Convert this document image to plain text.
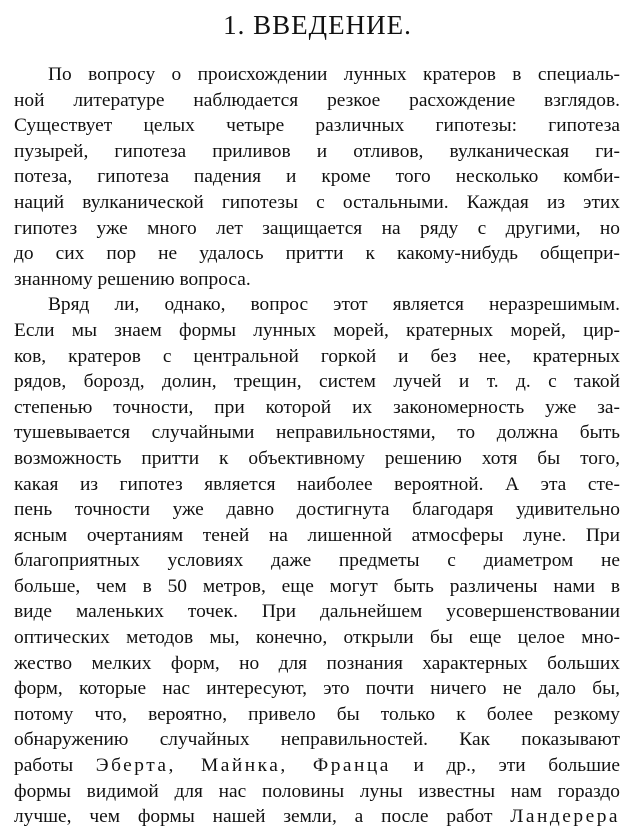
1. ВВЕДЕНИЕ.
По вопросу о происхождении лунных кратеров в специаль-
ной литературе наблюдается резкое расхождение взглядов.
Существует целых четыре различных гипотезы: гипотеза
пузырей, гипотеза приливов и отливов, вулканическая ги-
потеза, гипотеза падения и кроме того несколько комби-
наций вулканической гипотезы с остальными. Каждая из этих
гипотез уже много лет защищается на ряду с другими, но
до сих пор не удалось притти к какому-нибудь общепри-
знанному решению вопроса.
Вряд ли, однако, вопрос этот является неразрешимым.
Если мы знаем формы лунных морей, кратерных морей, цир-
ков, кратеров с центральной горкой и без нее, кратерных
рядов, борозд, долин, трещин, систем лучей и т. д. с такой
степенью точности, при которой их закономерность уже за-
тушевывается случайными неправильностями, то должна быть
возможность притти к объективному решению хотя бы того,
какая из гипотез является наиболее вероятной. А эта сте-
пень точности уже давно достигнута благодаря удивительно
ясным очертаниям теней на лишенной атмосферы луне. При
благоприятных условиях даже предметы с диаметром не
больше, чем в 50 метров, еще могут быть различены нами в
виде маленьких точек. При дальнейшем усовершенствовании
оптических методов мы, конечно, открыли бы еще целое мно-
жество мелких форм, но для познания характерных больших
форм, которые нас интересуют, это почти ничего не дало бы,
потому что, вероятно, привело бы только к более резкому
обнаружению случайных неправильностей. Как показывают
работы Эберта, Майнка, Франца и др., эти большие
формы видимой для нас половины луны известны нам гораздо
лучше, чем формы нашей земли, а после работ Ландерера
